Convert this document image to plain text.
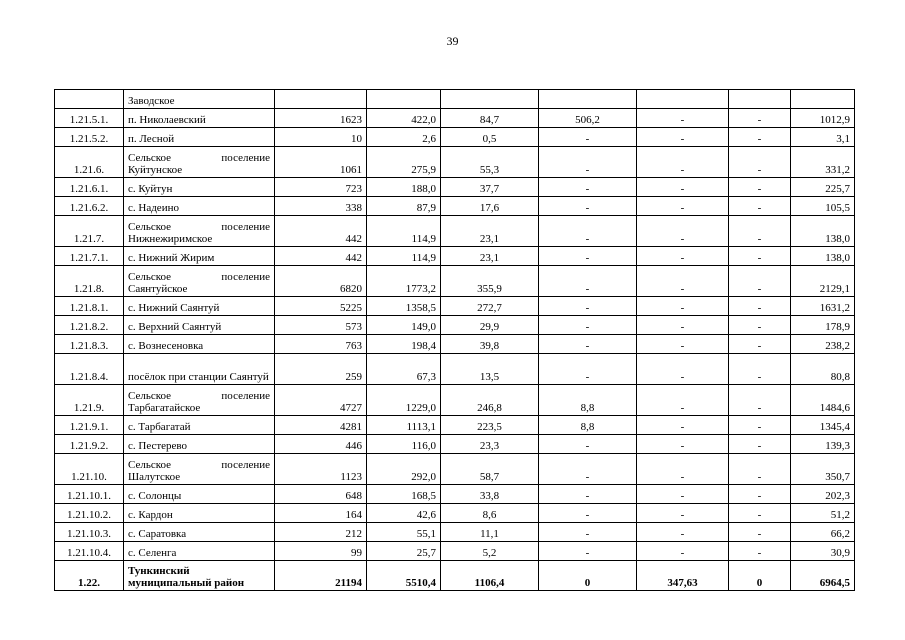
39
	Заводское							
1.21.5.1.	п. Николаевский	1623	422,0	84,7	506,2	-	-	1012,9
1.21.5.2.	п. Лесной	10	2,6	0,5	-	-	-	3,1
1.21.6.	Сельское поселение Куйтунское	1061	275,9	55,3	-	-	-	331,2
1.21.6.1.	с. Куйтун	723	188,0	37,7	-	-	-	225,7
1.21.6.2.	с. Надеино	338	87,9	17,6	-	-	-	105,5
1.21.7.	Сельское поселение Нижнежиримское	442	114,9	23,1	-	-	-	138,0
1.21.7.1.	с. Нижний Жирим	442	114,9	23,1	-	-	-	138,0
1.21.8.	Сельское поселение Саянтуйское	6820	1773,2	355,9	-	-	-	2129,1
1.21.8.1.	с. Нижний Саянтуй	5225	1358,5	272,7	-	-	-	1631,2
1.21.8.2.	с. Верхний Саянтуй	573	149,0	29,9	-	-	-	178,9
1.21.8.3.	с. Вознесеновка	763	198,4	39,8	-	-	-	238,2
1.21.8.4.	посёлок при станции Саянтуй	259	67,3	13,5	-	-	-	80,8
1.21.9.	Сельское поселение Тарбагатайское	4727	1229,0	246,8	8,8	-	-	1484,6
1.21.9.1.	с. Тарбагатай	4281	1113,1	223,5	8,8	-	-	1345,4
1.21.9.2.	с. Пестерево	446	116,0	23,3	-	-	-	139,3
1.21.10.	Сельское поселение Шалутское	1123	292,0	58,7	-	-	-	350,7
1.21.10.1.	с. Солонцы	648	168,5	33,8	-	-	-	202,3
1.21.10.2.	с. Кардон	164	42,6	8,6	-	-	-	51,2
1.21.10.3.	с. Саратовка	212	55,1	11,1	-	-	-	66,2
1.21.10.4.	с. Селенга	99	25,7	5,2	-	-	-	30,9
1.22.	Тункинский муниципальный район	21194	5510,4	1106,4	0	347,63	0	6964,5
